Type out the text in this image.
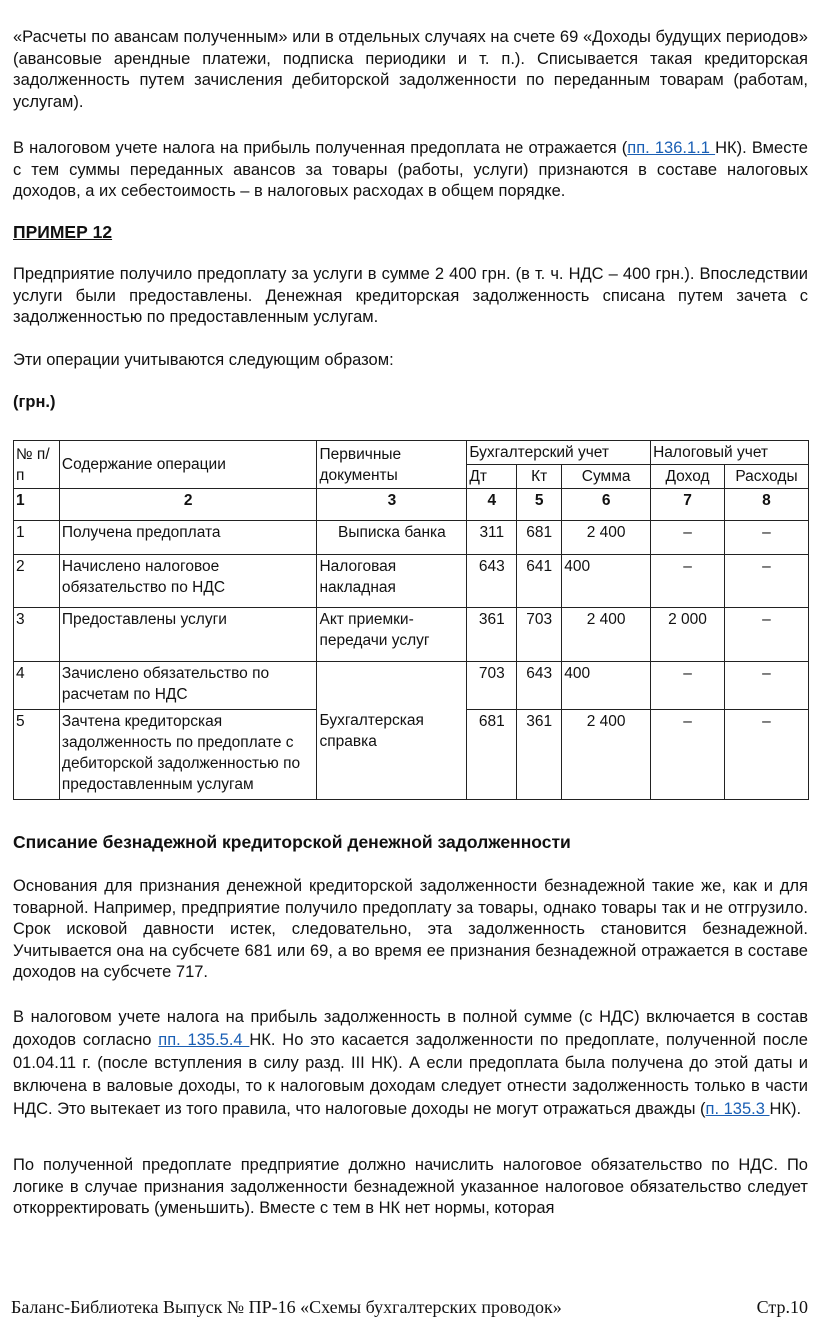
«Расчеты по авансам полученным» или в отдельных случаях на счете 69 «Доходы будущих периодов» (авансовые арендные платежи, подписка периодики и т. п.). Списывается такая кредиторская задолженность путем зачисления дебиторской задолженности по переданным товарам (работам, услугам).

В налоговом учете налога на прибыль полученная предоплата не отражается (пп. 136.1.1 НК). Вместе с тем суммы переданных авансов за товары (работы, услуги) признаются в составе налоговых доходов, а их себестоимость – в налоговых расходах в общем порядке.

ПРИМЕР 12

Предприятие получило предоплату за услуги в сумме 2 400 грн. (в т. ч. НДС – 400 грн.). Впоследствии услуги были предоставлены. Денежная кредиторская задолженность списана путем зачета с задолженностью по предоставленным услугам.

Эти операции учитываются следующим образом:

(грн.)
№ п/п	Содержание операции	Первичные документы	Бухгалтерский учет			Налоговый учет	
			Дт	Кт	Сумма	Доход	Расходы
1	2	3	4	5	6	7	8
1	Получена предоплата	Выписка банка	311	681	2 400	–	–
2	Начислено налоговое обязательство по НДС	Налоговая накладная	643	641	400	–	–
3	Предоставлены услуги	Акт приемки-передачи услуг	361	703	2 400	2 000	–
4	Зачислено обязательство по расчетам по НДС	Бухгалтерская справка	703	643	400	–	–
5	Зачтена кредиторская задолженность по предоплате с дебиторской задолженностью по предоставленным услугам		681	361	2 400	–	–
Списание безнадежной кредиторской денежной задолженности

Основания для признания денежной кредиторской задолженности безнадежной такие же, как и для товарной. Например, предприятие получило предоплату за товары, однако товары так и не отгрузило. Срок исковой давности истек, следовательно, эта задолженность становится безнадежной. Учитывается она на субсчете 681 или 69, а во время ее признания безнадежной отражается в составе доходов на субсчете 717.

В налоговом учете налога на прибыль задолженность в полной сумме (с НДС) включается в состав доходов согласно пп. 135.5.4 НК. Но это касается задолженности по предоплате, полученной после 01.04.11 г. (после вступления в силу разд. III НК). А если предоплата была получена до этой даты и включена в валовые доходы, то к налоговым доходам следует отнести задолженность только в части НДС. Это вытекает из того правила, что налоговые доходы не могут отражаться дважды (п. 135.3 НК).

По полученной предоплате предприятие должно начислить налоговое обязательство по НДС. По логике в случае признания задолженности безнадежной указанное налоговое обязательство следует откорректировать (уменьшить). Вместе с тем в НК нет нормы, которая

Баланс-Библиотека Выпуск № ПР-16 «Схемы бухгалтерских проводок»	Стр.10
